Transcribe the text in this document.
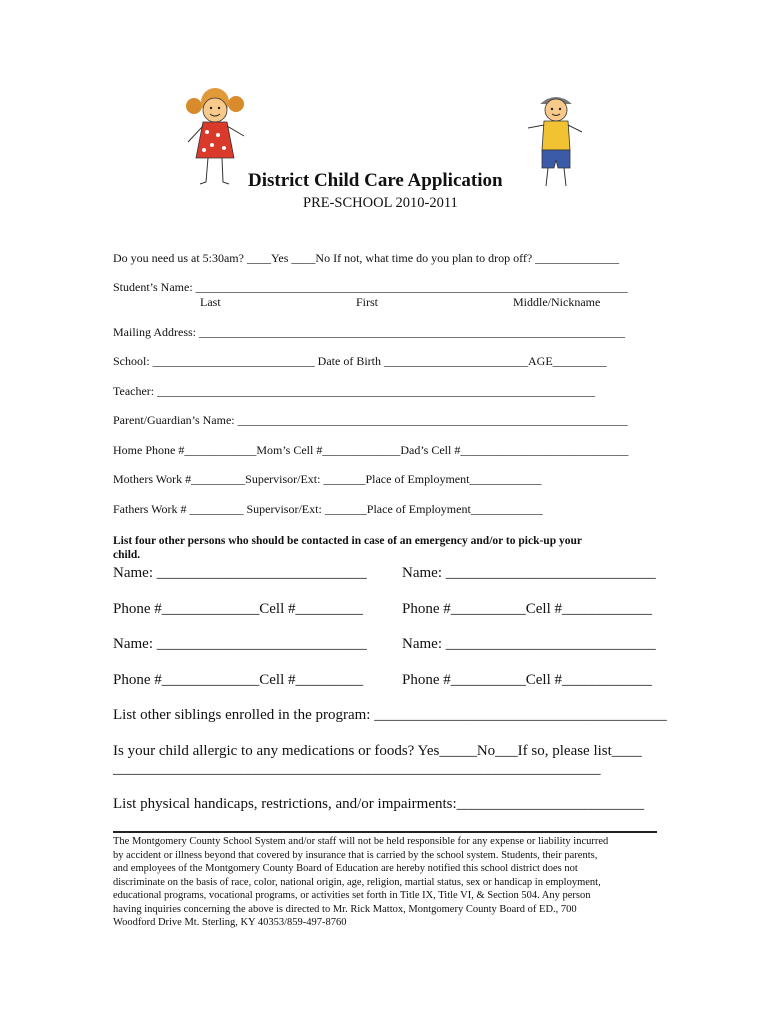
District Child Care Application
PRE-SCHOOL 2010-2011
Do you need us at 5:30am? ____Yes ____No If not, what time do you plan to drop off? ______________
Student’s Name: ________________________________________________________________________
Last	First	Middle/Nickname
Mailing Address: _______________________________________________________________________
School: ___________________________ Date of Birth ________________________AGE_________
Teacher: _________________________________________________________________________
Parent/Guardian’s Name: _________________________________________________________________
Home Phone #____________Mom’s Cell #_____________Dad’s Cell #____________________________
Mothers Work #_________Supervisor/Ext: _______Place of Employment____________
Fathers Work # _________ Supervisor/Ext: _______Place of Employment____________
List four other persons who should be contacted in case of an emergency and/or to pick-up your
child.
Name: ____________________________ Name: ____________________________
Phone #_____________Cell #_________	Phone #__________Cell #____________
Name: ____________________________ Name: ____________________________
Phone #_____________Cell #_________	Phone #__________Cell #____________
List other siblings enrolled in the program: _______________________________________
Is your child allergic to any medications or foods? Yes_____No___If so, please list____
_________________________________________________________________
List physical handicaps, restrictions, and/or impairments:_________________________
The Montgomery County School System and/or staff will not be held responsible for any expense or liability incurred
by accident or illness beyond that covered by insurance that is carried by the school system. Students, their parents,
and employees of the Montgomery County Board of Education are hereby notified this school district does not
discriminate on the basis of race, color, national origin, age, religion, martial status, sex or handicap in employment,
educational programs, vocational programs, or activities set forth in Title IX, Title VI, & Section 504. Any person
having inquiries concerning the above is directed to Mr. Rick Mattox, Montgomery County Board of ED., 700
Woodford Drive Mt. Sterling, KY 40353/859-497-8760
